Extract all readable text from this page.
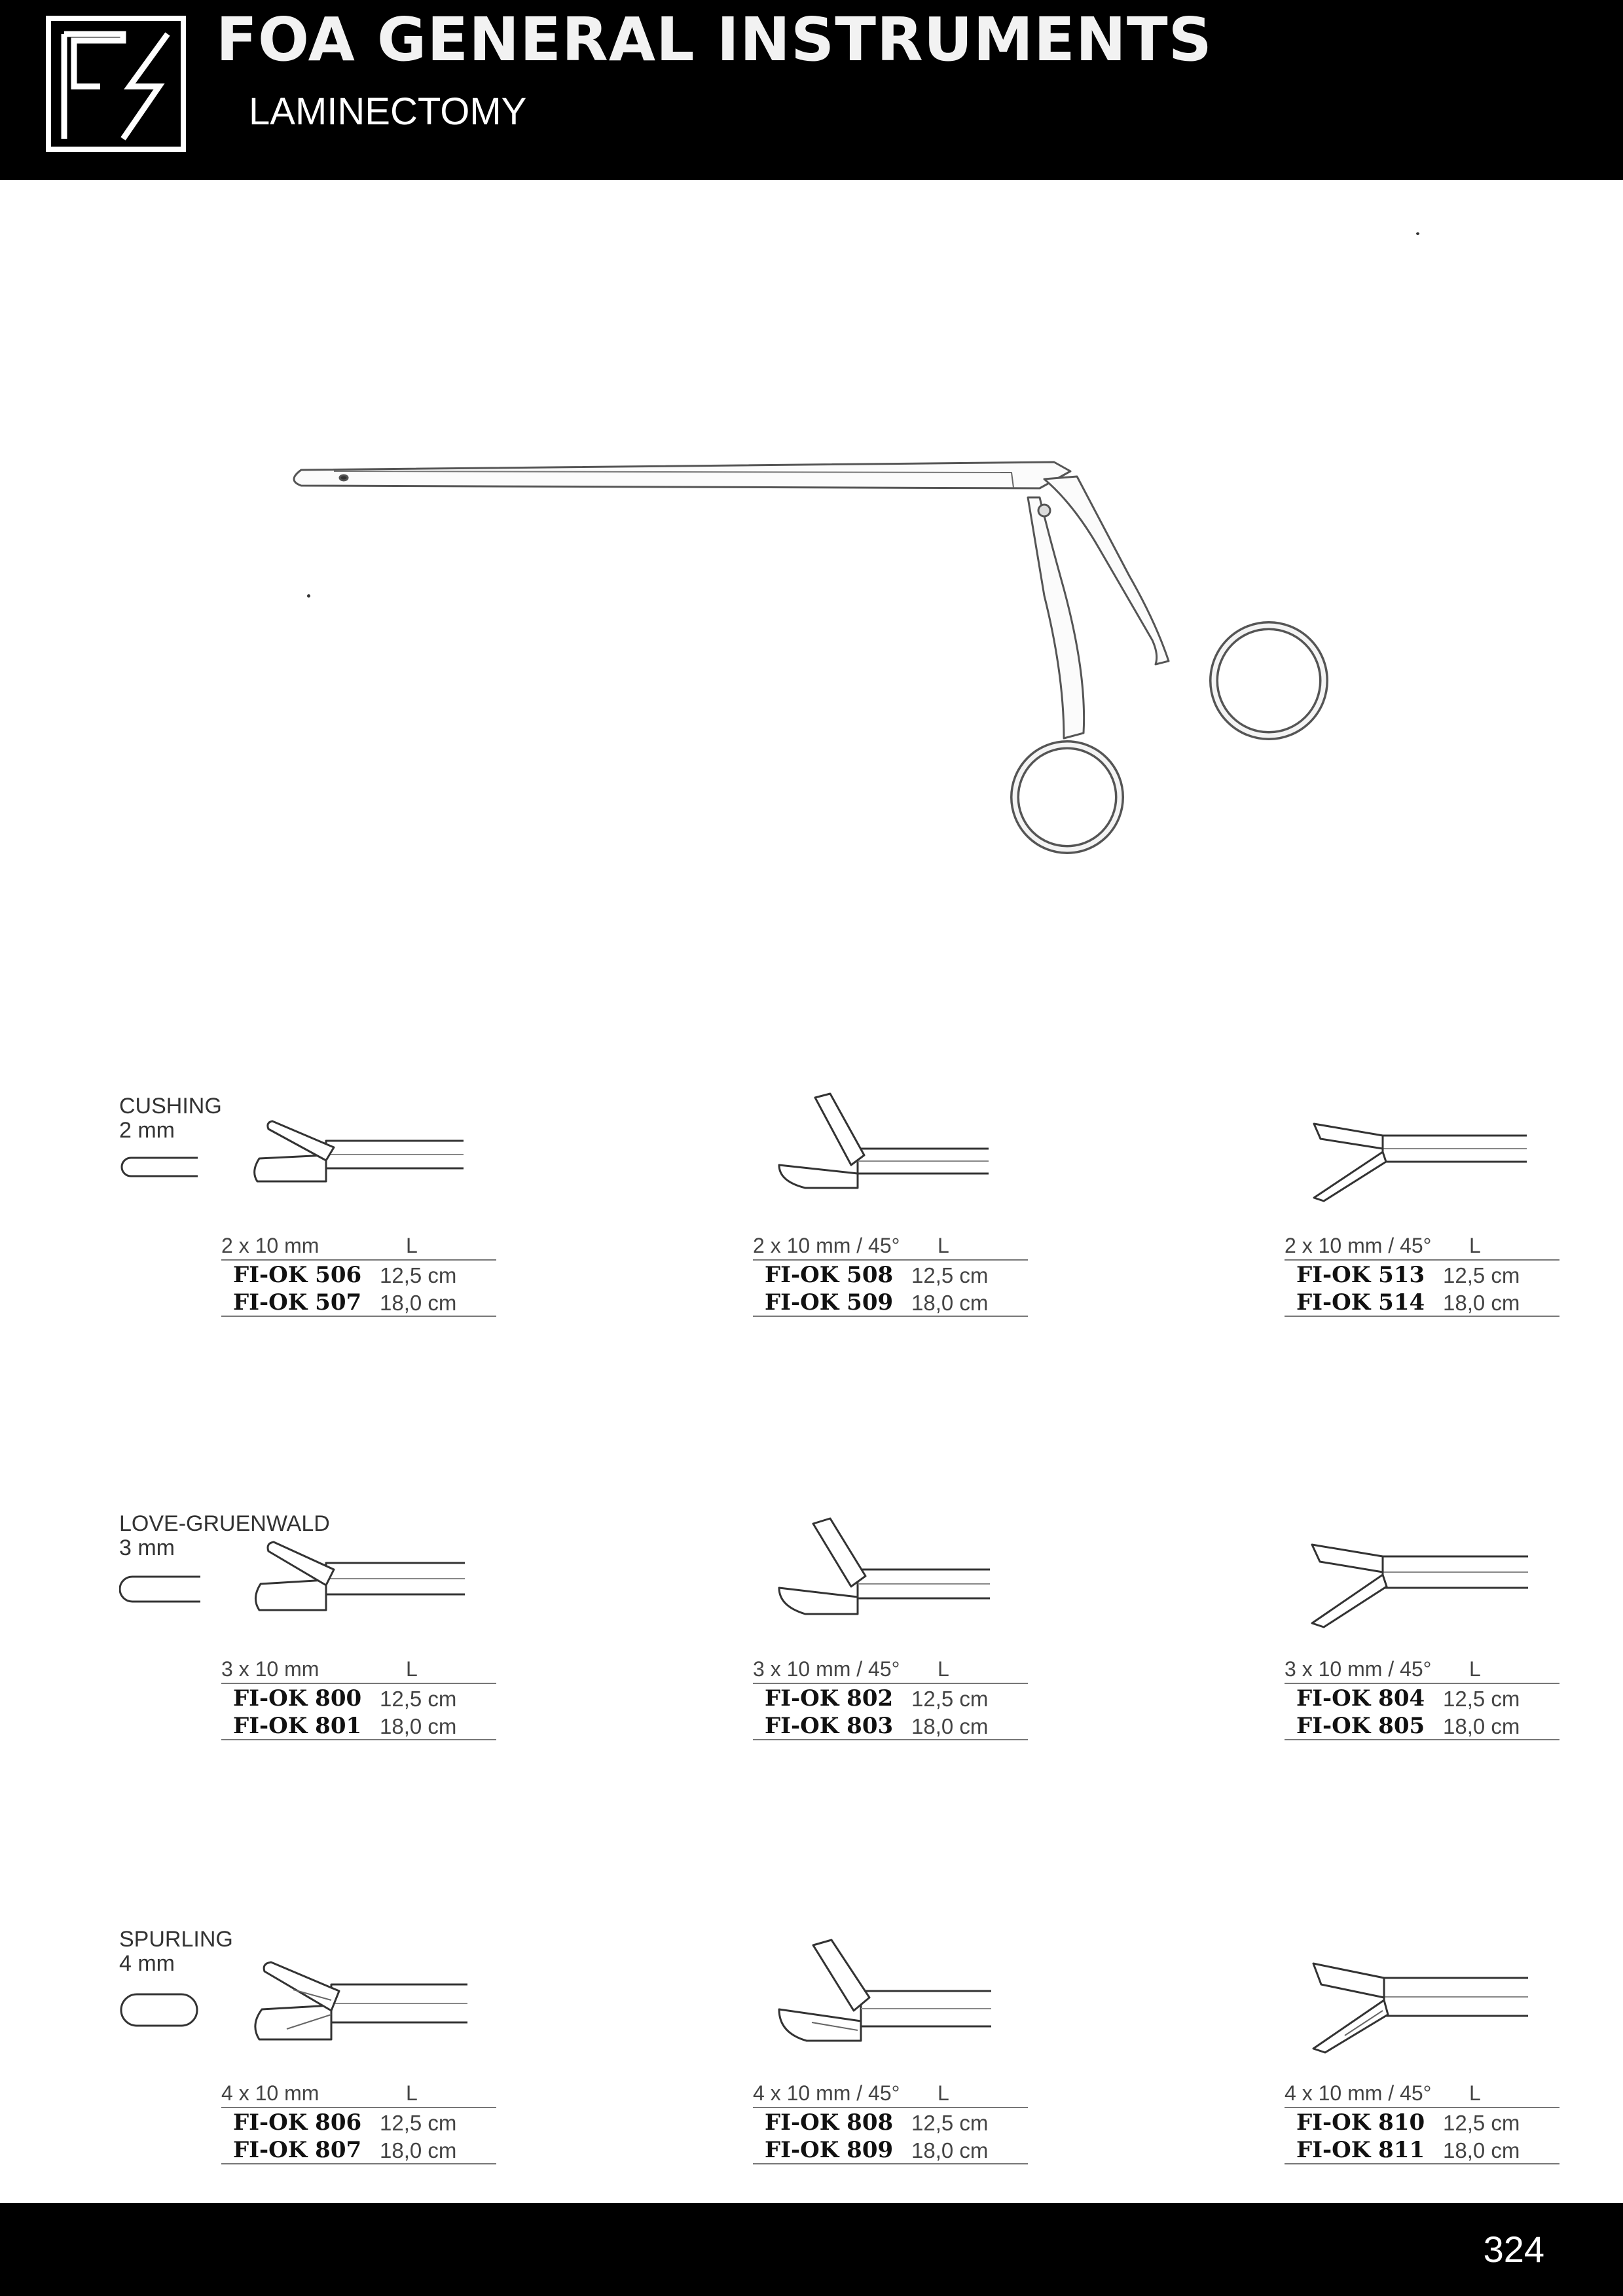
FOA GENERAL INSTRUMENTS
LAMINECTOMY
CUSHING
2 mm
LOVE-GRUENWALD
3 mm
SPURLING
4 mm
2 x 10 mm	L
FI-OK 506 12,5 cm
FI-OK 507 18,0 cm
2 x 10 mm / 45° L
FI-OK 508 12,5 cm
FI-OK 509 18,0 cm
2 x 10 mm / 45° L
FI-OK 513 12,5 cm
FI-OK 514 18,0 cm
3 x 10 mm	L
FI-OK 800 12,5 cm
FI-OK 801 18,0 cm
3 x 10 mm / 45° L
FI-OK 802 12,5 cm
FI-OK 803 18,0 cm
3 x 10 mm / 45° L
FI-OK 804 12,5 cm
FI-OK 805 18,0 cm
4 x 10 mm	L
FI-OK 806 12,5 cm
FI-OK 807 18,0 cm
4 x 10 mm / 45° L
FI-OK 808 12,5 cm
FI-OK 809 18,0 cm
4 x 10 mm / 45° L
FI-OK 810 12,5 cm
FI-OK 811 18,0 cm
324
